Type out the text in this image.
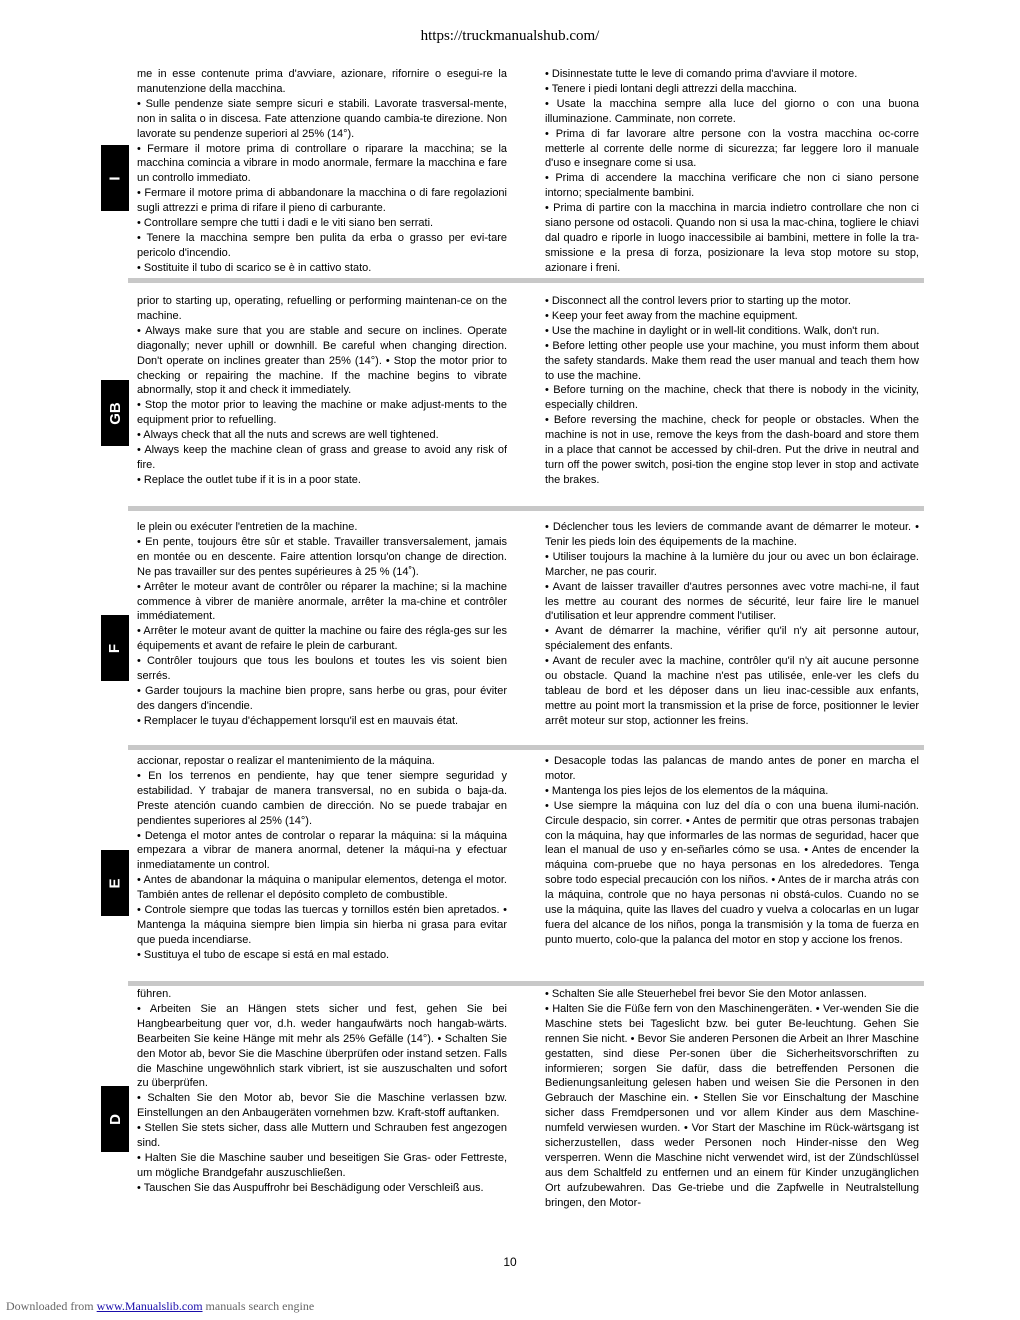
https://truckmanualshub.com/
I

me in esse contenute prima d'avviare, azionare, rifornire o esegui-re la manutenzione della macchina.

• Sulle pendenze siate sempre sicuri e stabili. Lavorate trasversal-mente, non in salita o in discesa. Fate attenzione quando cambia-te direzione. Non lavorate su pendenze superiori al 25% (14°).

• Fermare il motore prima di controllare o riparare la macchina; se la macchina comincia a vibrare in modo anormale, fermare la macchina e fare un controllo immediato.

• Fermare il motore prima di abbandonare la macchina o di fare regolazioni sugli attrezzi e prima di rifare il pieno di carburante.

• Controllare sempre che tutti i dadi e le viti siano ben serrati.

• Tenere la macchina sempre ben pulita da erba o grasso per evi-tare pericolo d'incendio.

• Sostituite il tubo di scarico se è in cattivo stato.

• Disinnestate tutte le leve di comando prima d'avviare il motore.

• Tenere i piedi lontani degli attrezzi della macchina.

• Usate la macchina sempre alla luce del giorno o con una buona illuminazione. Camminate, non correte.

• Prima di far lavorare altre persone con la vostra macchina oc-corre metterle al corrente delle norme di sicurezza; far leggere loro il manuale d'uso e insegnare come si usa.

• Prima di accendere la macchina verificare che non ci siano persone intorno; specialmente bambini.

• Prima di partire con la macchina in marcia indietro controllare che non ci siano persone od ostacoli. Quando non si usa la mac-china, togliere le chiavi dal quadro e riporle in luogo inaccessibile ai bambini, mettere in folle la tra-smissione e la presa di forza, posizionare la leva stop motore su stop, azionare i freni.

GB

prior to starting up, operating, refuelling or performing maintenan-ce on the machine.

• Always make sure that you are stable and secure on inclines. Operate diagonally; never uphill or downhill. Be careful when changing direction. Don't operate on inclines greater than 25% (14°). • Stop the motor prior to checking or repairing the machine. If the machine begins to vibrate abnormally, stop it and check it immediately.

• Stop the motor prior to leaving the machine or make adjust-ments to the equipment prior to refuelling.

• Always check that all the nuts and screws are well tightened.

• Always keep the machine clean of grass and grease to avoid any risk of fire.

• Replace the outlet tube if it is in a poor state.

• Disconnect all the control levers prior to starting up the motor.

• Keep your feet away from the machine equipment.

• Use the machine in daylight or in well-lit conditions. Walk, don't run.

• Before letting other people use your machine, you must inform them about the safety standards. Make them read the user manual and teach them how to use the machine.

• Before turning on the machine, check that there is nobody in the vicinity, especially children.

• Before reversing the machine, check for people or obstacles. When the machine is not in use, remove the keys from the dash-board and store them in a place that cannot be accessed by chil-dren. Put the drive in neutral and turn off the power switch, posi-tion the engine stop lever in stop and activate the brakes.

F

le plein ou exécuter l'entretien de la machine.

• En pente, toujours être sûr et stable. Travailler transversalement, jamais en montée ou en descente. Faire attention lorsqu'on change de direction. Ne pas travailler sur des pentes supérieures à 25 % (14˚).

• Arrêter le moteur avant de contrôler ou réparer la machine; si la machine commence à vibrer de manière anormale, arrêter la ma-chine et contrôler immédiatement.

• Arrêter le moteur avant de quitter la machine ou faire des régla-ges sur les équipements et avant de refaire le plein de carburant.

• Contrôler toujours que tous les boulons et toutes les vis soient bien serrés.

• Garder toujours la machine bien propre, sans herbe ou gras, pour éviter des dangers d'incendie.

• Remplacer le tuyau d'échappement lorsqu'il est en mauvais état.

• Déclencher tous les leviers de commande avant de démarrer le moteur. • Tenir les pieds loin des équipements de la machine.

• Utiliser toujours la machine à la lumière du jour ou avec un bon éclairage. Marcher, ne pas courir.

• Avant de laisser travailler d'autres personnes avec votre machi-ne, il faut les mettre au courant des normes de sécurité, leur faire lire le manuel d'utilisation et leur apprendre comment l'utiliser.

• Avant de démarrer la machine, vérifier qu'il n'y ait personne autour, spécialement des enfants.

• Avant de reculer avec la machine, contrôler qu'il n'y ait aucune personne ou obstacle. Quand la machine n'est pas utilisée, enle-ver les clefs du tableau de bord et les déposer dans un lieu inac-cessible aux enfants, mettre au point mort la transmission et la prise de force, positionner le levier arrêt moteur sur stop, actionner les freins.

E

accionar, repostar o realizar el mantenimiento de la máquina.

• En los terrenos en pendiente, hay que tener siempre seguridad y estabilidad. Y trabajar de manera transversal, no en subida o baja-da. Preste atención cuando cambien de dirección. No se puede trabajar en pendientes superiores al 25% (14°).

• Detenga el motor antes de controlar o reparar la máquina: si la máquina empezara a vibrar de manera anormal, detener la máqui-na y efectuar inmediatamente un control.

• Antes de abandonar la máquina o manipular elementos, detenga el motor. También antes de rellenar el depósito completo de combustible.

• Controle siempre que todas las tuercas y tornillos estén bien apretados. • Mantenga la máquina siempre bien limpia sin hierba ni grasa para evitar que pueda incendiarse.

• Sustituya el tubo de escape si está en mal estado.

• Desacople todas las palancas de mando antes de poner en marcha el motor.

• Mantenga los pies lejos de los elementos de la máquina.

• Use siempre la máquina con luz del día o con una buena ilumi-nación. Circule despacio, sin correr. • Antes de permitir que otras personas trabajen con la máquina, hay que informarles de las normas de seguridad, hacer que lean el manual de uso y en-señarles cómo se usa. • Antes de encender la máquina com-pruebe que no haya personas en los alrededores. Tenga sobre todo especial precaución con los niños. • Antes de ir marcha atrás con la máquina, controle que no haya personas ni obstá-culos. Cuando no se use la máquina, quite las llaves del cuadro y vuelva a colocarlas en un lugar fuera del alcance de los niños, ponga la transmisión y la toma de fuerza en punto muerto, colo-que la palanca del motor en stop y accione los frenos.

D

führen.

• Arbeiten Sie an Hängen stets sicher und fest, gehen Sie bei Hangbearbeitung quer vor, d.h. weder hangaufwärts noch hangab-wärts. Bearbeiten Sie keine Hänge mit mehr als 25% Gefälle (14°). • Schalten Sie den Motor ab, bevor Sie die Maschine überprüfen oder instand setzen. Falls die Maschine ungewöhnlich stark vibriert, ist sie auszuschalten und sofort zu überprüfen.

• Schalten Sie den Motor ab, bevor Sie die Maschine verlassen bzw. Einstellungen an den Anbaugeräten vornehmen bzw. Kraft-stoff auftanken.

• Stellen Sie stets sicher, dass alle Muttern und Schrauben fest angezogen sind.

• Halten Sie die Maschine sauber und beseitigen Sie Gras- oder Fettreste, um mögliche Brandgefahr auszuschließen.

• Tauschen Sie das Auspuffrohr bei Beschädigung oder Verschleiß aus.

• Schalten Sie alle Steuerhebel frei bevor Sie den Motor anlassen.

• Halten Sie die Füße fern von den Maschinengeräten. • Ver-wenden Sie die Maschine stets bei Tageslicht bzw. bei guter Be-leuchtung. Gehen Sie rennen Sie nicht. • Bevor Sie anderen Personen die Arbeit an Ihrer Maschine gestatten, sind diese Per-sonen über die Sicherheitsvorschriften zu informieren; sorgen Sie dafür, dass die betreffenden Personen die Bedienungsanleitung gelesen haben und weisen Sie die Personen in den Gebrauch der Maschine ein. • Stellen Sie vor Einschaltung der Maschine sicher dass Fremdpersonen und vor allem Kinder aus dem Maschine-numfeld verwiesen wurden. • Vor Start der Maschine im Rück-wärtsgang ist sicherzustellen, dass weder Personen noch Hinder-nisse den Weg versperren. Wenn die Maschine nicht verwendet wird, ist der Zündschlüssel aus dem Schaltfeld zu entfernen und an einem für Kinder unzugänglichen Ort aufzubewahren. Das Ge-triebe und die Zapfwelle in Neutralstellung bringen, den Motor-

10
Downloaded from www.Manualslib.com manuals search engine
